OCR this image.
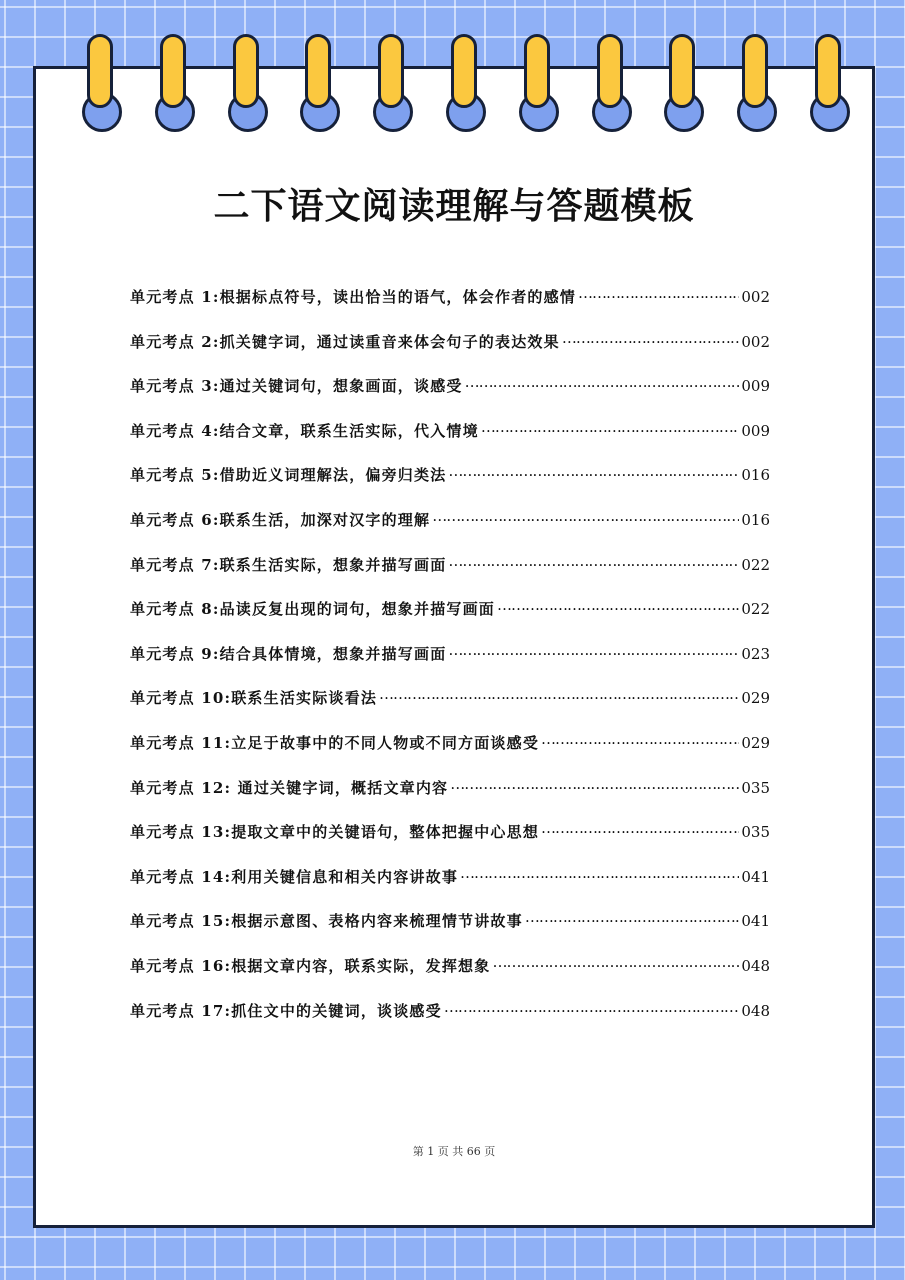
二下语文阅读理解与答题模板
单元考点 1:根据标点符号，读出恰当的语气，体会作者的感情 …………………………………………………………………………………………	002
单元考点 2:抓关键字词，通过读重音来体会句子的表达效果 …………………………………………………………………………………………	002
单元考点 3:通过关键词句，想象画面，谈感受 …………………………………………………………………………………………	009
单元考点 4:结合文章，联系生活实际，代入情境 …………………………………………………………………………………………	009
单元考点 5:借助近义词理解法，偏旁归类法 …………………………………………………………………………………………	016
单元考点 6:联系生活，加深对汉字的理解 …………………………………………………………………………………………	016
单元考点 7:联系生活实际，想象并描写画面 …………………………………………………………………………………………	022
单元考点 8:品读反复出现的词句，想象并描写画面 …………………………………………………………………………………………	022
单元考点 9:结合具体情境，想象并描写画面 …………………………………………………………………………………………	023
单元考点 10:联系生活实际谈看法 …………………………………………………………………………………………	029
单元考点 11:立足于故事中的不同人物或不同方面谈感受 …………………………………………………………………………………………	029
单元考点 12: 通过关键字词，概括文章内容 …………………………………………………………………………………………	035
单元考点 13:提取文章中的关键语句，整体把握中心思想 …………………………………………………………………………………………	035
单元考点 14:利用关键信息和相关内容讲故事 …………………………………………………………………………………………	041
单元考点 15:根据示意图、表格内容来梳理情节讲故事 …………………………………………………………………………………………	041
单元考点 16:根据文章内容，联系实际，发挥想象 …………………………………………………………………………………………	048
单元考点 17:抓住文中的关键词，谈谈感受 …………………………………………………………………………………………	048
第 1 页 共 66 页
